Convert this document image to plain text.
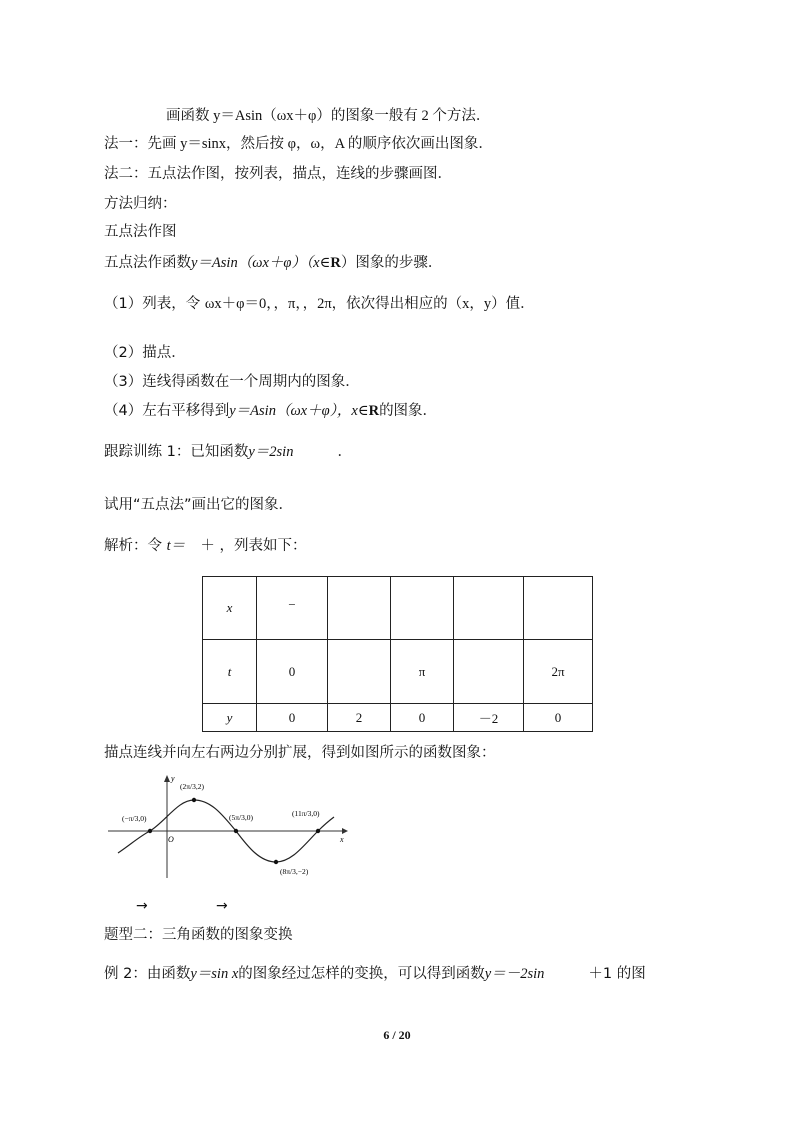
画函数 y＝Asin（ωx＋φ）的图象一般有 2 个方法．
法一：先画 y＝sinx，然后按 φ，ω，A 的顺序依次画出图象．
法二：五点法作图，按列表，描点，连线的步骤画图．
方法归纳：
五点法作图
五点法作函数y＝Asin（ωx＋φ）（x∈R）图象的步骤．
（1）列表，令 ωx＋φ＝0，，π，，2π，依次得出相应的（x，y）值．
（2）描点．
（3）连线得函数在一个周期内的图象．
（4）左右平移得到y＝Asin（ωx＋φ），x∈R的图象．
跟踪训练 1：已知函数y＝2sin	．
试用“五点法”画出它的图象．
解析：令 t＝ ＋ ，列表如下：
x	−				
t	0		π		2π
y	0	2	0	－2	0
描点连线并向左右两边分别扩展，得到如图所示的函数图象：
y
x
O
(−π/3,0)
(2π/3,2)
(5π/3,0)	(11π/3,0)
(8π/3,−2)
→	→
题型二：三角函数的图象变换
例 2：由函数y＝sin x的图象经过怎样的变换，可以得到函数y＝－2sin	＋1 的图
6 / 20
